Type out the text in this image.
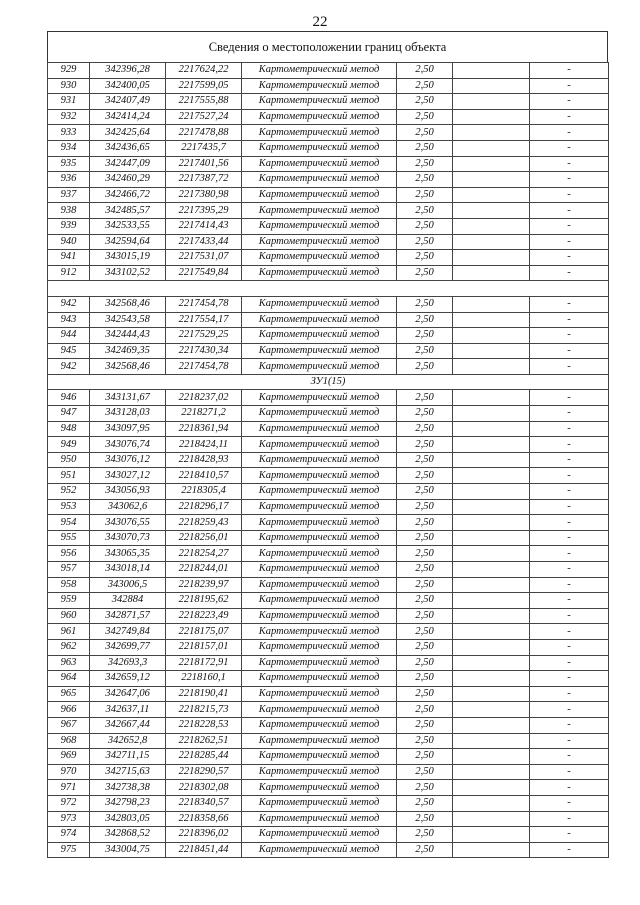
22
Сведения о местоположении границ объекта
929	342396,28	2217624,22	Картометрический метод	2,50		-
930	342400,05	2217599,05	Картометрический метод	2,50		-
931	342407,49	2217555,88	Картометрический метод	2,50		-
932	342414,24	2217527,24	Картометрический метод	2,50		-
933	342425,64	2217478,88	Картометрический метод	2,50		-
934	342436,65	2217435,7	Картометрический метод	2,50		-
935	342447,09	2217401,56	Картометрический метод	2,50		-
936	342460,29	2217387,72	Картометрический метод	2,50		-
937	342466,72	2217380,98	Картометрический метод	2,50		-
938	342485,57	2217395,29	Картометрический метод	2,50		-
939	342533,55	2217414,43	Картометрический метод	2,50		-
940	342594,64	2217433,44	Картометрический метод	2,50		-
941	343015,19	2217531,07	Картометрический метод	2,50		-
912	343102,52	2217549,84	Картометрический метод	2,50		-

942	342568,46	2217454,78	Картометрический метод	2,50		-
943	342543,58	2217554,17	Картометрический метод	2,50		-
944	342444,43	2217529,25	Картометрический метод	2,50		-
945	342469,35	2217430,34	Картометрический метод	2,50		-
942	342568,46	2217454,78	Картометрический метод	2,50		-
ЗУ1(15)						
946	343131,67	2218237,02	Картометрический метод	2,50		-
947	343128,03	2218271,2	Картометрический метод	2,50		-
948	343097,95	2218361,94	Картометрический метод	2,50		-
949	343076,74	2218424,11	Картометрический метод	2,50		-
950	343076,12	2218428,93	Картометрический метод	2,50		-
951	343027,12	2218410,57	Картометрический метод	2,50		-
952	343056,93	2218305,4	Картометрический метод	2,50		-
953	343062,6	2218296,17	Картометрический метод	2,50		-
954	343076,55	2218259,43	Картометрический метод	2,50		-
955	343070,73	2218256,01	Картометрический метод	2,50		-
956	343065,35	2218254,27	Картометрический метод	2,50		-
957	343018,14	2218244,01	Картометрический метод	2,50		-
958	343006,5	2218239,97	Картометрический метод	2,50		-
959	342884	2218195,62	Картометрический метод	2,50		-
960	342871,57	2218223,49	Картометрический метод	2,50		-
961	342749,84	2218175,07	Картометрический метод	2,50		-
962	342699,77	2218157,01	Картометрический метод	2,50		-
963	342693,3	2218172,91	Картометрический метод	2,50		-
964	342659,12	2218160,1	Картометрический метод	2,50		-
965	342647,06	2218190,41	Картометрический метод	2,50		-
966	342637,11	2218215,73	Картометрический метод	2,50		-
967	342667,44	2218228,53	Картометрический метод	2,50		-
968	342652,8	2218262,51	Картометрический метод	2,50		-
969	342711,15	2218285,44	Картометрический метод	2,50		-
970	342715,63	2218290,57	Картометрический метод	2,50		-
971	342738,38	2218302,08	Картометрический метод	2,50		-
972	342798,23	2218340,57	Картометрический метод	2,50		-
973	342803,05	2218358,66	Картометрический метод	2,50		-
974	342868,52	2218396,02	Картометрический метод	2,50		-
975	343004,75	2218451,44	Картометрический метод	2,50		-
